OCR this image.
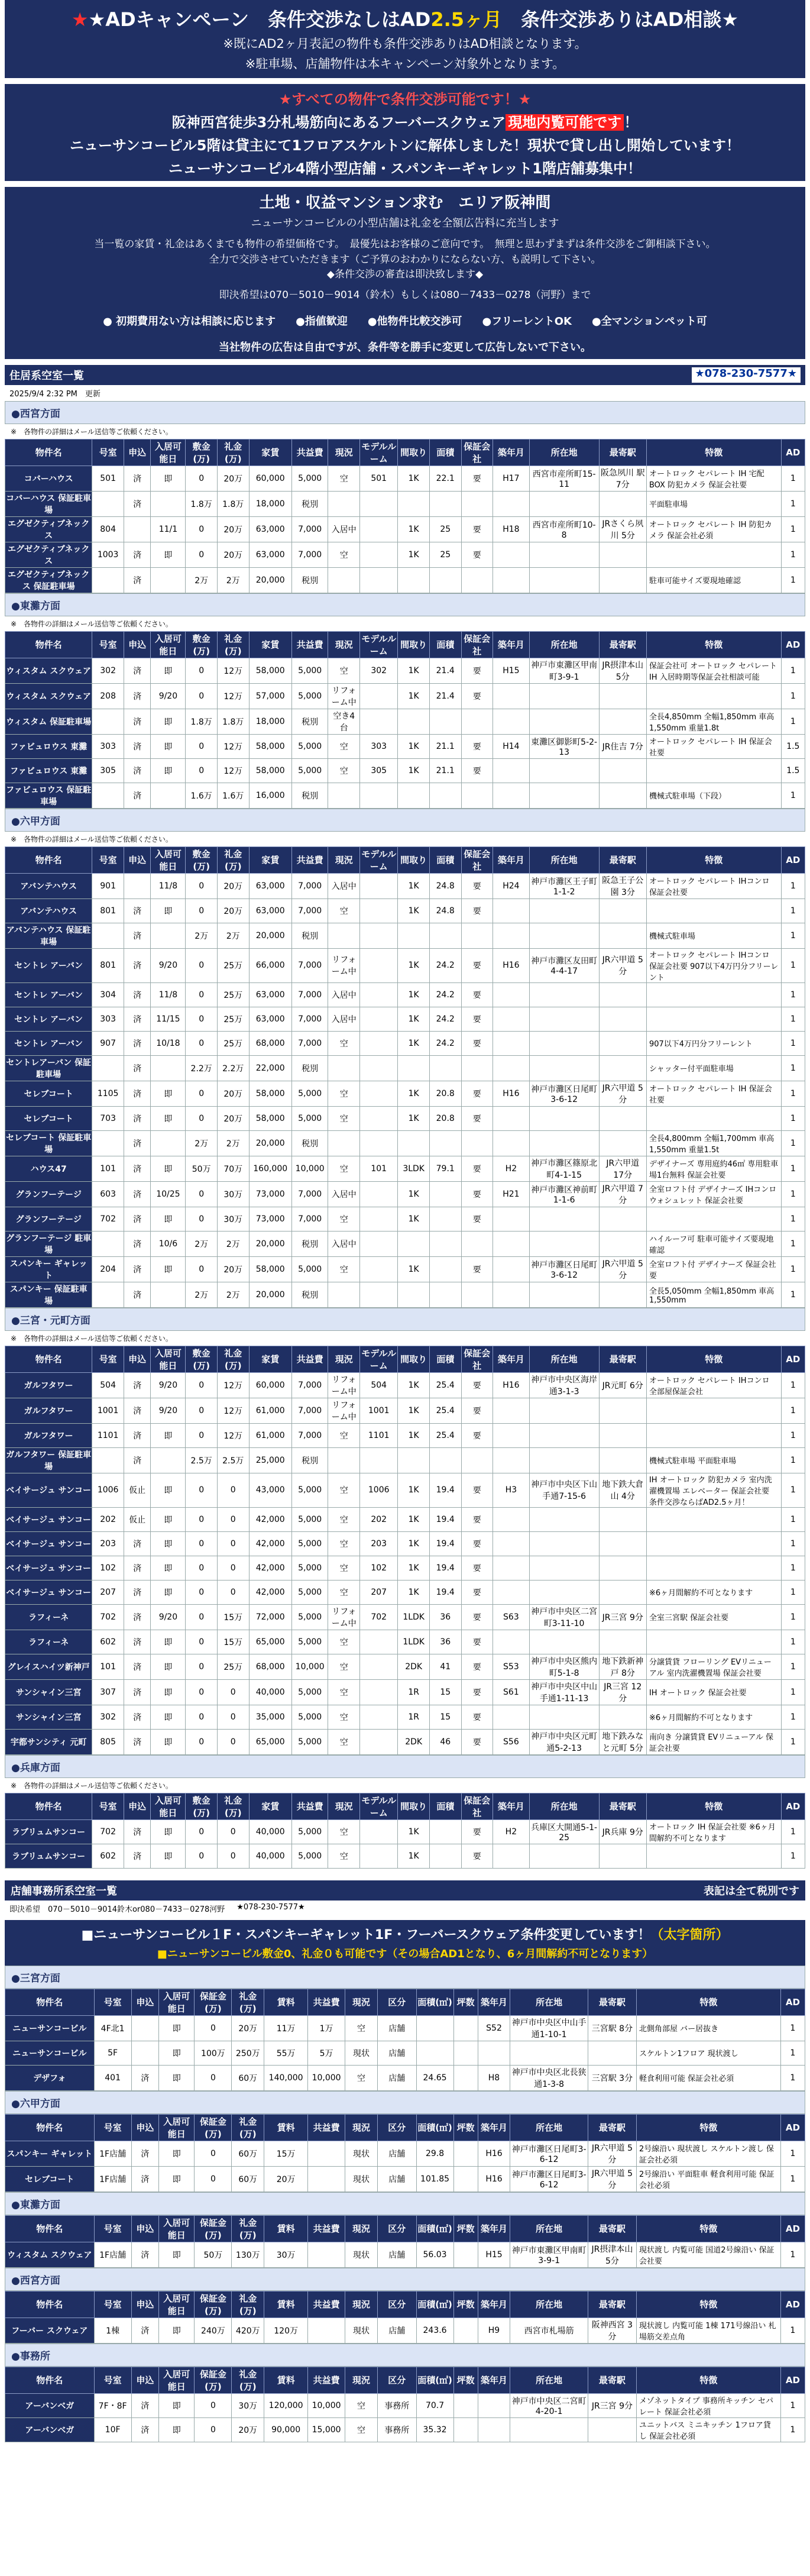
★★ADキャンペーン　条件交渉なしはAD2.5ヶ月　条件交渉ありはAD相談★
※既にAD2ヶ月表記の物件も条件交渉ありはAD相談となります。
※駐車場、店舗物件は本キャンペーン対象外となります。
★すべての物件で条件交渉可能です！★
阪神西宮徒歩3分札場筋向にあるフーバースクウェア 現地内覧可能です ！
ニューサンコーピル5階は貸主にて1フロアスケルトンに解体しました！現状で貸し出し開始しています！
ニューサンコーピル4階小型店舗・スパンキーギャレット1階店舗募集中！
土地・収益マンション求む　エリア阪神間
ニューサンコーピルの小型店舗は礼金を全額広告料に充当します
当一覧の家賃・礼金はあくまでも物件の希望価格です。　最優先はお客様のご意向です。　無理と思わずまずは条件交渉をご御相談下さい。
全力で交渉させていただきます（ご予算のおわかりにならない方、も説明して下さい。
◆条件交渉の審査は即決致します◆
即決希望は070－5010－9014（鈴木）もしくは080－7433－0278（河野）まで
● 初期費用ない方は相談に応じます ●指値歓迎 ●他物件比較交渉可 ●フリーレントOK ●全マンションペット可
当社物件の広告は自由ですが、条件等を勝手に変更して広告しないで下さい。
住居系空室一覧	★078-230-7577★
2025/9/4 2:32 PM　更新
●西宮方面
※　各物件の詳細はメール送信等ご依頼ください。
物件名	号室	申込	入居可能日	敷金(万)	礼金(万)	家賃	共益費	現況	モデルルーム	間取り	面積	保証会社	築年月	所在地	最寄駅	特徴	AD
コバーハウス	501	済	即	0	20万	60,000	5,000	空	501	1K	22.1	要	H17	西宮市産所町15-11	阪急夙川 駅 7分	オートロック セパレート IH 宅配BOX 防犯カメラ 保証会社要	1
コバーハウス 保証駐車場		済		1.8万	1.8万	18,000	税別									平面駐車場	1
エグゼクティブネックス	804		11/1	0	20万	63,000	7,000	入居中		1K	25	要	H18	西宮市産所町10-8	JRさくら夙川 5分	オートロック セパレート IH 防犯カメラ 保証会社必須	1
エグゼクティブネックス	1003	済	即	0	20万	63,000	7,000	空		1K	25	要					1
エグゼクティブネックス 保証駐車場		済		2万	2万	20,000	税別									駐車可能サイズ要現地確認	1
●東灘方面
※　各物件の詳細はメール送信等ご依頼ください。
物件名	号室	申込	入居可能日	敷金(万)	礼金(万)	家賃	共益費	現況	モデルルーム	間取り	面積	保証会社	築年月	所在地	最寄駅	特徴	AD
ウィスタム スクウェア	302	済	即	0	12万	58,000	5,000	空	302	1K	21.4	要	H15	神戸市東灘区甲南町3-9-1	JR摂津本山 5分	保証会社可 オートロック セパレート IH 入居時期等保証会社相談可能	1
ウィスタム スクウェア	208	済	9/20	0	12万	57,000	5,000	リフォーム中		1K	21.4	要					1
ウィスタム 保証駐車場		済	即	1.8万	1.8万	18,000	税別	空き4台								全長4,850mm 全幅1,850mm 車高1,550mm 重量1.8t	1
ファビュロウス 東灘	303	済	即	0	12万	58,000	5,000	空	303	1K	21.1	要	H14	東灘区御影町5-2-13	JR住吉 7分	オートロック セパレート IH 保証会社要	1.5
ファビュロウス 東灘	305	済	即	0	12万	58,000	5,000	空	305	1K	21.1	要					1.5
ファビュロウス 保証駐車場		済		1.6万	1.6万	16,000	税別									機械式駐車場（下段）	1
●六甲方面
※　各物件の詳細はメール送信等ご依頼ください。
物件名	号室	申込	入居可能日	敷金(万)	礼金(万)	家賃	共益費	現況	モデルルーム	間取り	面積	保証会社	築年月	所在地	最寄駅	特徴	AD
アバンテハウス	901		11/8	0	20万	63,000	7,000	入居中		1K	24.8	要	H24	神戸市灘区王子町1-1-2	阪急王子公園 3分	オートロック セパレート IHコンロ 保証会社要	1
アバンテハウス	801	済	即	0	20万	63,000	7,000	空		1K	24.8	要					1
アバンテハウス 保証駐車場		済		2万	2万	20,000	税別									機械式駐車場	1
セントレ アーバン	801	済	9/20	0	25万	66,000	7,000	リフォーム中		1K	24.2	要	H16	神戸市灘区友田町4-4-17	JR六甲道 5分	オートロック セパレート IHコンロ 保証会社要 907以下4万円分フリーレント	1
セントレ アーバン	304	済	11/8	0	25万	63,000	7,000	入居中		1K	24.2	要					1
セントレ アーバン	303	済	11/15	0	25万	63,000	7,000	入居中		1K	24.2	要					1
セントレ アーバン	907	済	10/18	0	25万	68,000	7,000	空		1K	24.2	要				907以下4万円分フリーレント	1
セントレアーバン 保証駐車場		済		2.2万	2.2万	22,000	税別									シャッター付平面駐車場	1
セレブコート	1105	済	即	0	20万	58,000	5,000	空		1K	20.8	要	H16	神戸市灘区日尾町3-6-12	JR六甲道 5分	オートロック セパレート IH 保証会社要	1
セレブコート	703	済	即	0	20万	58,000	5,000	空		1K	20.8	要					1
セレブコート 保証駐車場		済		2万	2万	20,000	税別									全長4,800mm 全幅1,700mm 車高1,550mm 重量1.5t	1
ハウス47	101	済	即	50万	70万	160,000	10,000	空	101	3LDK	79.1	要	H2	神戸市灘区篠原北町4-1-15	JR六甲道 17分	デザイナーズ 専用庭約46㎡ 専用駐車場1台無料 保証会社要	1
グランフーテージ	603	済	10/25	0	30万	73,000	7,000	入居中		1K		要	H21	神戸市灘区神前町1-1-6	JR六甲道 7分	全室ロフト付 デザイナーズ IHコンロ ウォシュレット 保証会社要	1
グランフーテージ	702	済	即	0	30万	73,000	7,000	空		1K		要					1
グランフーテージ 駐車場		済	10/6	2万	2万	20,000	税別	入居中								ハイルーフ可 駐車可能サイズ要現地確認	1
スパンキー ギャレット	204	済	即	0	20万	58,000	5,000	空		1K		要		神戸市灘区日尾町3-6-12	JR六甲道 5分	全室ロフト付 デザイナーズ 保証会社要	1
スパンキー 保証駐車場		済		2万	2万	20,000	税別									全長5,050mm 全幅1,850mm 車高1,550mm	1
●三宮・元町方面
※　各物件の詳細はメール送信等ご依頼ください。
物件名	号室	申込	入居可能日	敷金(万)	礼金(万)	家賃	共益費	現況	モデルルーム	間取り	面積	保証会社	築年月	所在地	最寄駅	特徴	AD
ガルフタワー	504	済	9/20	0	12万	60,000	7,000	リフォーム中	504	1K	25.4	要	H16	神戸市中央区海岸通3-1-3	JR元町 6分	オートロック セパレート IHコンロ 全部屋保証会社	1
ガルフタワー	1001	済	9/20	0	12万	61,000	7,000	リフォーム中	1001	1K	25.4	要					1
ガルフタワー	1101	済	即	0	12万	61,000	7,000	空	1101	1K	25.4	要					1
ガルフタワー 保証駐車場		済		2.5万	2.5万	25,000	税別									機械式駐車場 平面駐車場	1
ベイサージュ サンコー	1006	仮止	即	0	0	43,000	5,000	空	1006	1K	19.4	要	H3	神戸市中央区下山手通7-15-6	地下鉄大倉山 4分	IH オートロック 防犯カメラ 室内洗濯機置場 エレベーター 保証会社要 条件交渉ならばAD2.5ヶ月！	1
ベイサージュ サンコー	202	仮止	即	0	0	42,000	5,000	空	202	1K	19.4	要					1
ベイサージュ サンコー	203	済	即	0	0	42,000	5,000	空	203	1K	19.4	要					1
ベイサージュ サンコー	102	済	即	0	0	42,000	5,000	空	102	1K	19.4	要					1
ベイサージュ サンコー	207	済	即	0	0	42,000	5,000	空	207	1K	19.4	要				※6ヶ月間解約不可となります	1
ラフィーネ	702	済	9/20	0	15万	72,000	5,000	リフォーム中	702	1LDK	36	要	S63	神戸市中央区二宮町3-11-10	JR三宮 9分	全室三宮駅 保証会社要	1
ラフィーネ	602	済	即	0	15万	65,000	5,000	空		1LDK	36	要					1
グレイスハイツ新神戸	101	済	即	0	25万	68,000	10,000	空		2DK	41	要	S53	神戸市中央区熊内町5-1-8	地下鉄新神戸 8分	分譲賃貸 フローリング EVリニューアル 室内洗濯機置場 保証会社要	1
サンシャイン三宮	307	済	即	0	0	40,000	5,000	空		1R	15	要	S61	神戸市中央区中山手通1-11-13	JR三宮 12分	IH オートロック 保証会社要	1
サンシャイン三宮	302	済	即	0	0	35,000	5,000	空		1R	15	要				※6ヶ月間解約不可となります	1
宇都サンシティ 元町	805	済	即	0	0	65,000	5,000	空		2DK	46	要	S56	神戸市中央区元町通5-2-13	地下鉄みなと元町 5分	南向き 分譲賃貸 EVリニューアル 保証会社要	1
●兵庫方面
※　各物件の詳細はメール送信等ご依頼ください。
物件名	号室	申込	入居可能日	敷金(万)	礼金(万)	家賃	共益費	現況	モデルルーム	間取り	面積	保証会社	築年月	所在地	最寄駅	特徴	AD
ラブリュムサンコー	702	済	即	0	0	40,000	5,000	空		1K		要	H2	兵庫区大開通5-1-25	JR兵庫 9分	オートロック IH 保証会社要 ※6ヶ月間解約不可となります	1
ラブリュムサンコー	602	済	即	0	0	40,000	5,000	空		1K		要					1
店舗事務所系空室一覧	表記は全て税別です
即決希望　070－5010－9014鈴木or080－7433－0278河野 ★078-230-7577★
■ニューサンコービル１F・スパンキーギャレット1F・フーバースクウェア条件変更しています！（太字箇所）
■ニューサンコービル敷金0、礼金０も可能です（その場合AD1となり、6ヶ月間解約不可となります）
●三宮方面
物件名	号室	申込	入居可能日	保証金(万)	礼金(万)	賃料	共益費	現況	区分	面積(㎡)	坪数	築年月	所在地	最寄駅	特徴	AD
ニューサンコービル	4F北1		即	0	20万	11万	1万	空	店舗			S52	神戸市中央区中山手通1-10-1	三宮駅 8分	北側角部屋 バー居抜き	1
ニューサンコービル	5F		即	100万	250万	55万	5万	現状	店舗						スケルトン1フロア 現状渡し	1
デザフォ	401	済	即	0	60万	140,000	10,000	空	店舗	24.65		H8	神戸市中央区北長狭通1-3-8	三宮駅 3分	軽食利用可能 保証会社必須	1
●六甲方面
物件名	号室	申込	入居可能日	保証金(万)	礼金(万)	賃料	共益費	現況	区分	面積(㎡)	坪数	築年月	所在地	最寄駅	特徴	AD
スパンキー ギャレット	1F店舗	済	即	0	60万	15万		現状	店舗	29.8		H16	神戸市灘区日尾町3-6-12	JR六甲道 5分	2号線沿い 現状渡し スケルトン渡し 保証会社必須	1
セレブコート	1F店舗	済	即	0	60万	20万		現状	店舗	101.85		H16	神戸市灘区日尾町3-6-12	JR六甲道 5分	2号線沿い 平面駐車 軽食利用可能 保証会社必須	1
●東灘方面
物件名	号室	申込	入居可能日	保証金(万)	礼金(万)	賃料	共益費	現況	区分	面積(㎡)	坪数	築年月	所在地	最寄駅	特徴	AD
ウィスタム スクウェア	1F店舗	済	即	50万	130万	30万		現状	店舗	56.03		H15	神戸市東灘区甲南町3-9-1	JR摂津本山 5分	現状渡し 内覧可能 国道2号線沿い 保証会社要	1
●西宮方面
物件名	号室	申込	入居可能日	保証金(万)	礼金(万)	賃料	共益費	現況	区分	面積(㎡)	坪数	築年月	所在地	最寄駅	特徴	AD
フーバー スクウェア	1棟	済	即	240万	420万	120万		現状	店舗	243.6		H9	西宮市札場筋	阪神西宮 3分	現状渡し 内覧可能 1棟 171号線沿い 札場筋交差点角	1
●事務所
物件名	号室	申込	入居可能日	保証金(万)	礼金(万)	賃料	共益費	現況	区分	面積(㎡)	坪数	築年月	所在地	最寄駅	特徴	AD
アーバンベガ	7F・8F	済	即	0	30万	120,000	10,000	空	事務所	70.7			神戸市中央区二宮町4-20-1	JR三宮 9分	メゾネットタイプ 事務所キッチン セパレート 保証会社必須	1
アーバンベガ	10F	済	即	0	20万	90,000	15,000	空	事務所	35.32					ユニットバス ミニキッチン 1フロア貸し 保証会社必須	1
